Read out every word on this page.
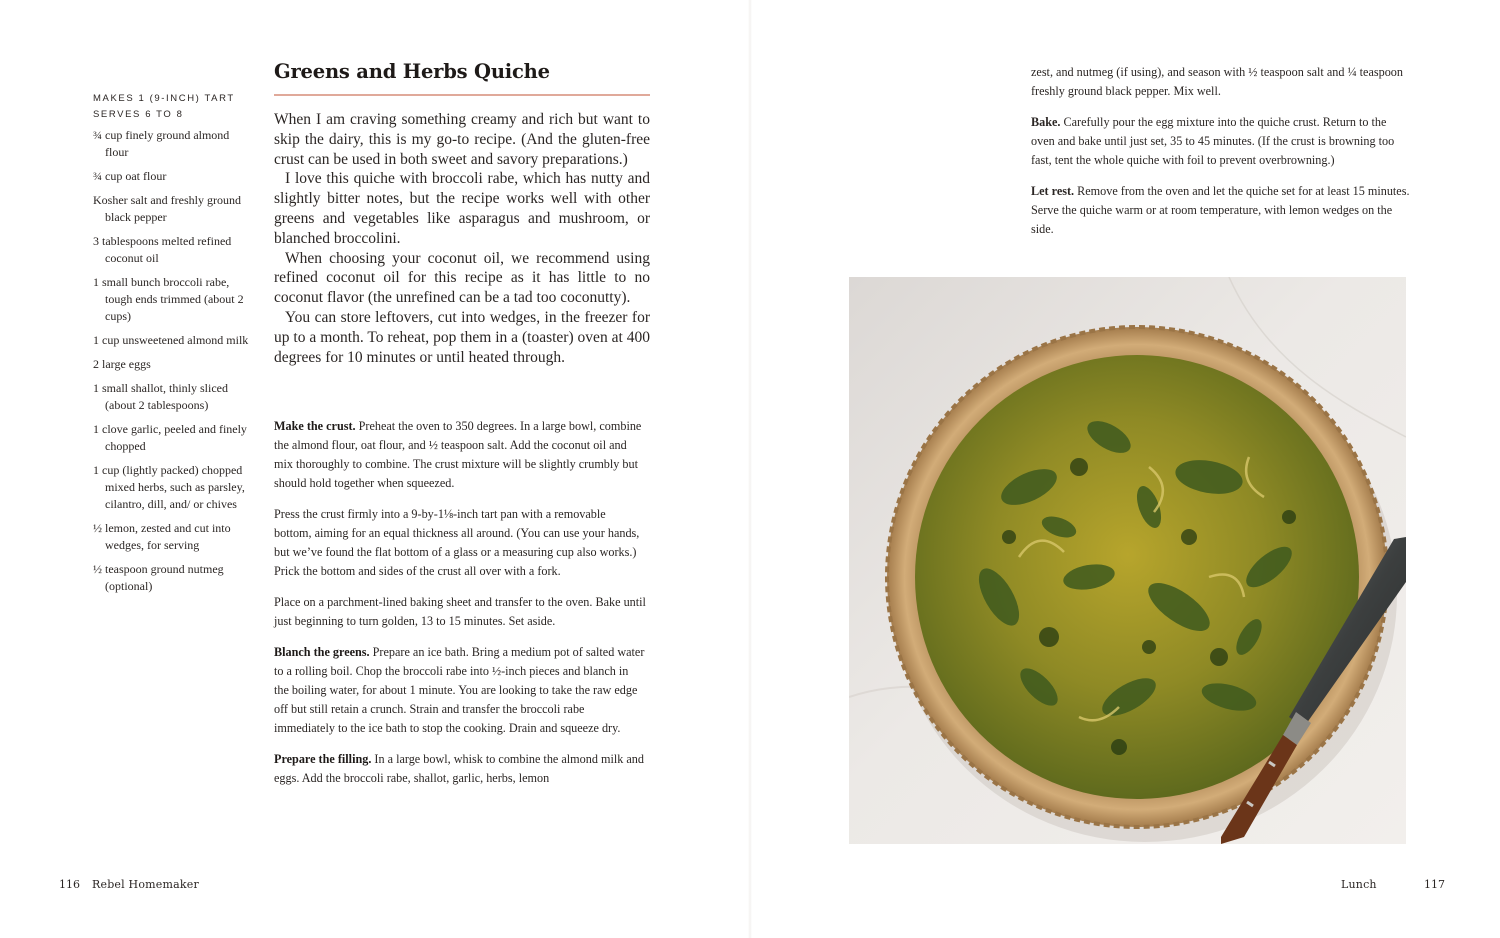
MAKES 1 (9-INCH) TART
SERVES 6 TO 8
¾ cup finely ground almond flour
¾ cup oat flour
Kosher salt and freshly ground black pepper
3 tablespoons melted refined coconut oil
1 small bunch broccoli rabe, tough ends trimmed (about 2 cups)
1 cup unsweetened almond milk
2 large eggs
1 small shallot, thinly sliced (about 2 tablespoons)
1 clove garlic, peeled and finely chopped
1 cup (lightly packed) chopped mixed herbs, such as parsley, cilantro, dill, and/ or chives
½ lemon, zested and cut into wedges, for serving
½ teaspoon ground nutmeg (optional)
Greens and Herbs Quiche

When I am craving something creamy and rich but want to skip the dairy, this is my go-to recipe. (And the gluten-free crust can be used in both sweet and savory preparations.)

I love this quiche with broccoli rabe, which has nutty and slightly bitter notes, but the recipe works well with other greens and vegetables like asparagus and mushroom, or blanched broccolini.

When choosing your coconut oil, we recommend using refined coconut oil for this recipe as it has little to no coconut flavor (the unrefined can be a tad too coconutty).

You can store leftovers, cut into wedges, in the freezer for up to a month. To reheat, pop them in a (toaster) oven at 400 degrees for 10 minutes or until heated through.

Make the crust. Preheat the oven to 350 degrees. In a large bowl, combine the almond flour, oat flour, and ½ teaspoon salt. Add the coconut oil and mix thoroughly to combine. The crust mixture will be slightly crumbly but should hold together when squeezed.

Press the crust firmly into a 9-by-1⅛-inch tart pan with a removable bottom, aiming for an equal thickness all around. (You can use your hands, but we’ve found the flat bottom of a glass or a measuring cup also works.) Prick the bottom and sides of the crust all over with a fork.

Place on a parchment-lined baking sheet and transfer to the oven. Bake until just beginning to turn golden, 13 to 15 minutes. Set aside.

Blanch the greens. Prepare an ice bath. Bring a medium pot of salted water to a rolling boil. Chop the broccoli rabe into ½-inch pieces and blanch in the boiling water, for about 1 minute. You are looking to take the raw edge off but still retain a crunch. Strain and transfer the broccoli rabe immediately to the ice bath to stop the cooking. Drain and squeeze dry.

Prepare the filling. In a large bowl, whisk to combine the almond milk and eggs. Add the broccoli rabe, shallot, garlic, herbs, lemon

116 Rebel Homemaker

zest, and nutmeg (if using), and season with ½ teaspoon salt and ¼ teaspoon freshly ground black pepper. Mix well.

Bake. Carefully pour the egg mixture into the quiche crust. Return to the oven and bake until just set, 35 to 45 minutes. (If the crust is browning too fast, tent the whole quiche with foil to prevent overbrowning.)

Let rest. Remove from the oven and let the quiche set for at least 15 minutes. Serve the quiche warm or at room temperature, with lemon wedges on the side.

Lunch	117
